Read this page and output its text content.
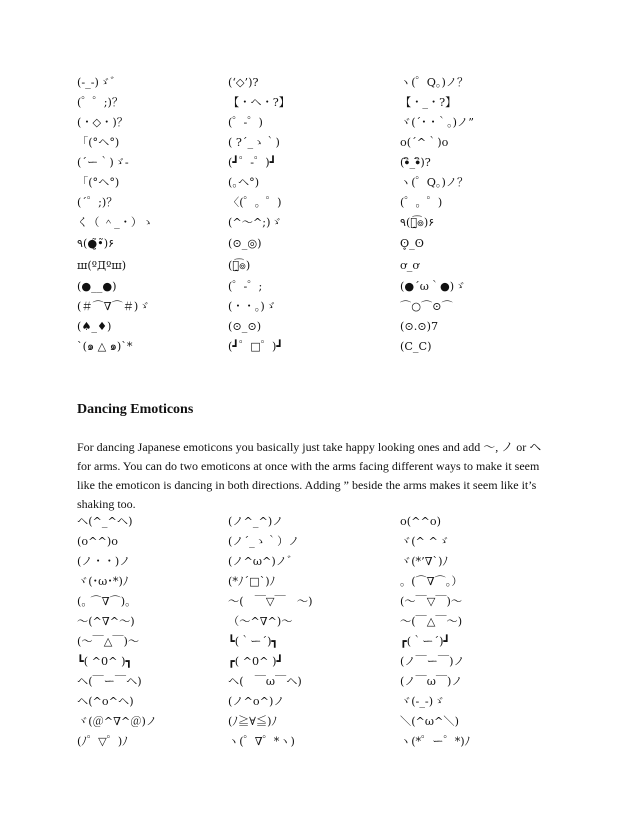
(-_-)ゞ゛	(‘◇’)?	ヽ(゜Q。)ノ？
(゜゜;)？	【・ヘ・?】	【・_・?】
(・◇・)？	(゜-゜)	ヾ(´･ ･｀｡)ノ”
「(°ヘ°)	( ?´_ゝ｀)	o(´^｀)o
(´ー｀)ゞ-	(┛゜-゜)┛	(•ิ_•ิ)?
「(°ヘ°)	(｡ヘ°)	ヽ(゜Q。)ノ？
(´゜;)？	〈(゜。゜)	(゜。゜)
く（ ＾_・）ゝ	(^〜^;)ゞ	٩(๏̯͡๏)۶
٩(●̮̮̃•̃)۶	(⊙_◎)	ʘ̥_ʘ
ш(ºДºш)	(๏̯͡๏)	ơ_ơ
(●__●)	(゜-゜;	(●´ω｀●)ゞ
(＃⌒∇⌒＃)ゞ	(・・。)ゞ	⌒○⌒⊙⌒
(♠_♦)	(⊙_⊙)	(⊙.⊙)7
`(๑ △ ๑)`*	(┛゜□゜)┛	(C_C)
Dancing Emoticons
For dancing Japanese emoticons you basically just take happy looking ones and add 〜, ノ or ヘ
for arms. You can do two emoticons at once with the arms facing different ways to make it seem
like the emoticon is dancing in both directions. Adding ” beside the arms makes it seem like it’s
shaking too.
ヘ(^_^ヘ)	(ノ^_^)ノ	o(^^o)
(o^^)o	(ノ´_ゝ｀）ノ	ヾ(^ ^ゞ
(ノ・・)ノ	(ノ^ω^)ノ゛	ヾ(*’∇`)ﾉ
ヾ(･ω･*)ﾉ	(*ﾉ´□`)ﾉ	。(⌒∇⌒｡）
(｡ ⌒∇⌒)｡	〜(　￣▽￣　〜)	(〜￣▽￣)〜
〜(^∇^〜)	（〜^∇^)〜	〜(￣△￣〜)
(〜￣△￣)〜	┗(｀ー´)┓	┏(｀ー´)┛
┗( ^0^ )┓	┏( ^0^ )┛	(ノ￣ー￣)ノ
ヘ(￣ー￣ヘ)	ヘ(　￣ω￣ヘ)	(ノ￣ω￣)ノ
ヘ(^o^ヘ)	(ノ^o^)ノ	ヾ(-_-)ゞ
ヾ(＠^∇^＠)ノ	(ﾉ≧∀≦)ﾉ	＼(^ω^＼)
(ﾉ゜▽゜)ﾉ	ヽ(゜∇゜*ヽ)	ヽ(*゜ー゜*)ﾉ
